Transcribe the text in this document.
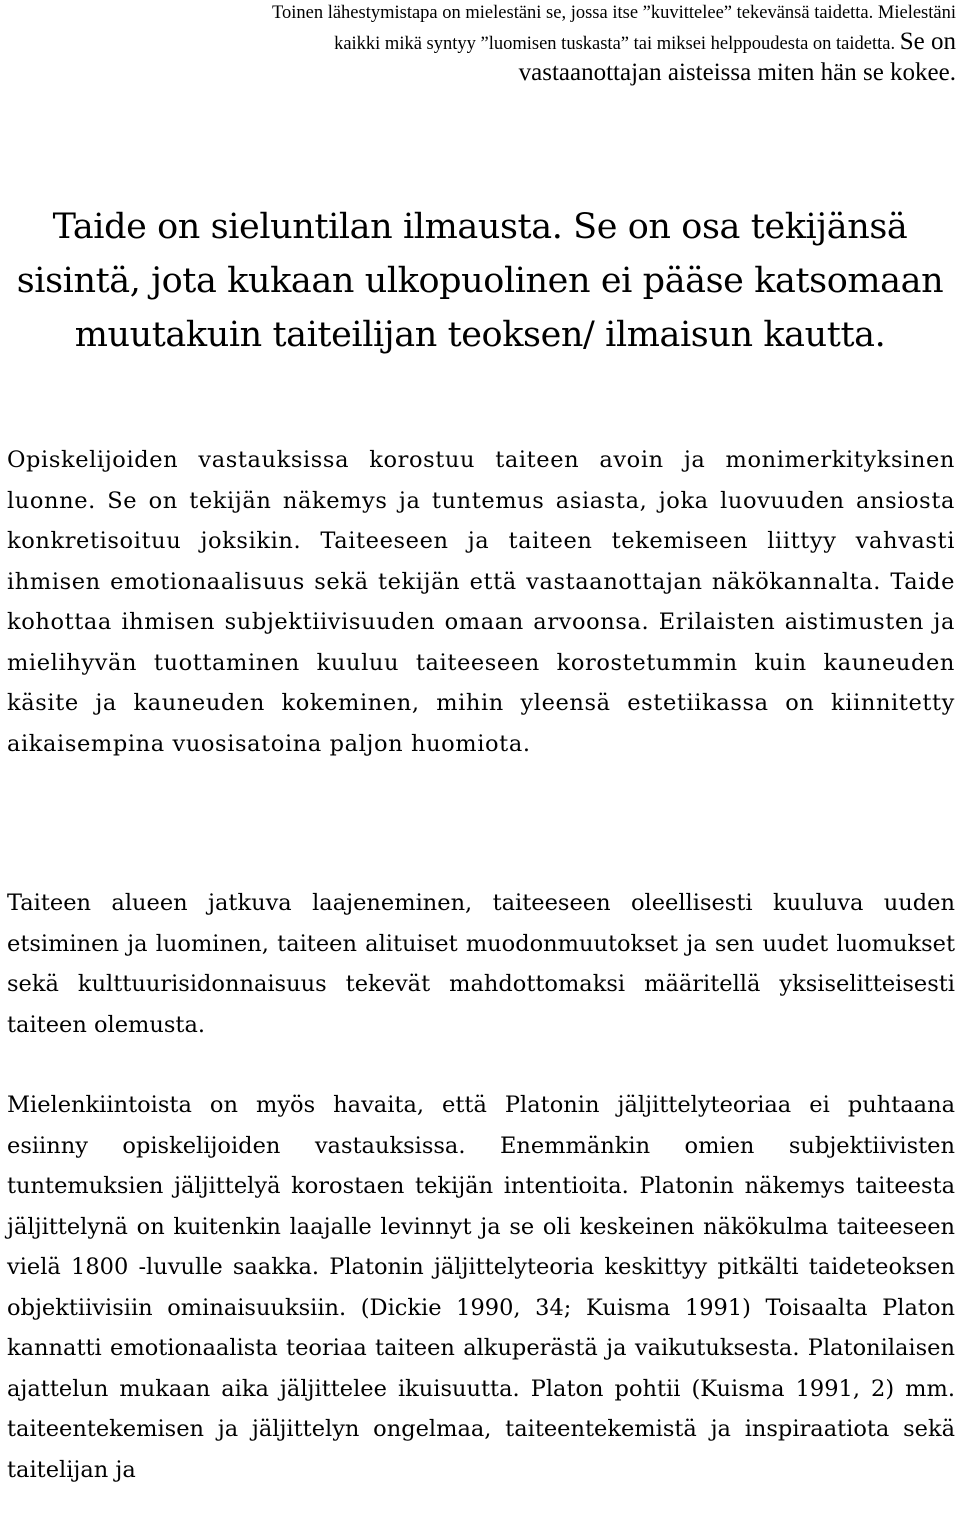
Toinen lähestymistapa on mielestäni se, jossa itse ”kuvittelee” tekevänsä taidetta. Mielestäni kaikki mikä syntyy ”luomisen tuskasta” tai miksei helppoudesta on taidetta. Se on vastaanottajan aisteissa miten hän se kokee.
Taide on sieluntilan ilmausta. Se on osa tekijänsä sisintä, jota kukaan ulkopuolinen ei pääse katsomaan muutakuin taiteilijan teoksen/ ilmaisun kautta.

Opiskelijoiden vastauksissa korostuu taiteen avoin ja monimerkityksinen luonne. Se on tekijän näkemys ja tuntemus asiasta, joka luovuuden ansiosta konkretisoituu joksikin. Taiteeseen ja taiteen tekemiseen liittyy vahvasti ihmisen emotionaalisuus sekä tekijän että vastaanottajan näkökannalta. Taide kohottaa ihmisen subjektiivisuuden omaan arvoonsa. Erilaisten aistimusten ja mielihyvän tuottaminen kuuluu taiteeseen korostetummin kuin kauneuden käsite ja kauneuden kokeminen, mihin yleensä estetiikassa on kiinnitetty aikaisempina vuosisatoina paljon huomiota.

Taiteen alueen jatkuva laajeneminen, taiteeseen oleellisesti kuuluva uuden etsiminen ja luominen, taiteen alituiset muodonmuutokset ja sen uudet luomukset sekä kulttuurisidonnaisuus tekevät mahdottomaksi määritellä yksiselitteisesti taiteen olemusta.

Mielenkiintoista on myös havaita, että Platonin jäljittelyteoriaa ei puhtaana esiinny opiskelijoiden vastauksissa. Enemmänkin omien subjektiivisten tuntemuksien jäljittelyä korostaen tekijän intentioita. Platonin näkemys taiteesta jäljittelynä on kuitenkin laajalle levinnyt ja se oli keskeinen näkökulma taiteeseen vielä 1800 -luvulle saakka. Platonin jäljittelyteoria keskittyy pitkälti taideteoksen objektiivisiin ominaisuuksiin. (Dickie 1990, 34; Kuisma 1991) Toisaalta Platon kannatti emotionaalista teoriaa taiteen alkuperästä ja vaikutuksesta. Platonilaisen ajattelun mukaan aika jäljittelee ikuisuutta. Platon pohtii (Kuisma 1991, 2) mm. taiteentekemisen ja jäljittelyn ongelmaa, taiteentekemistä ja inspiraatiota sekä taitelijan ja
